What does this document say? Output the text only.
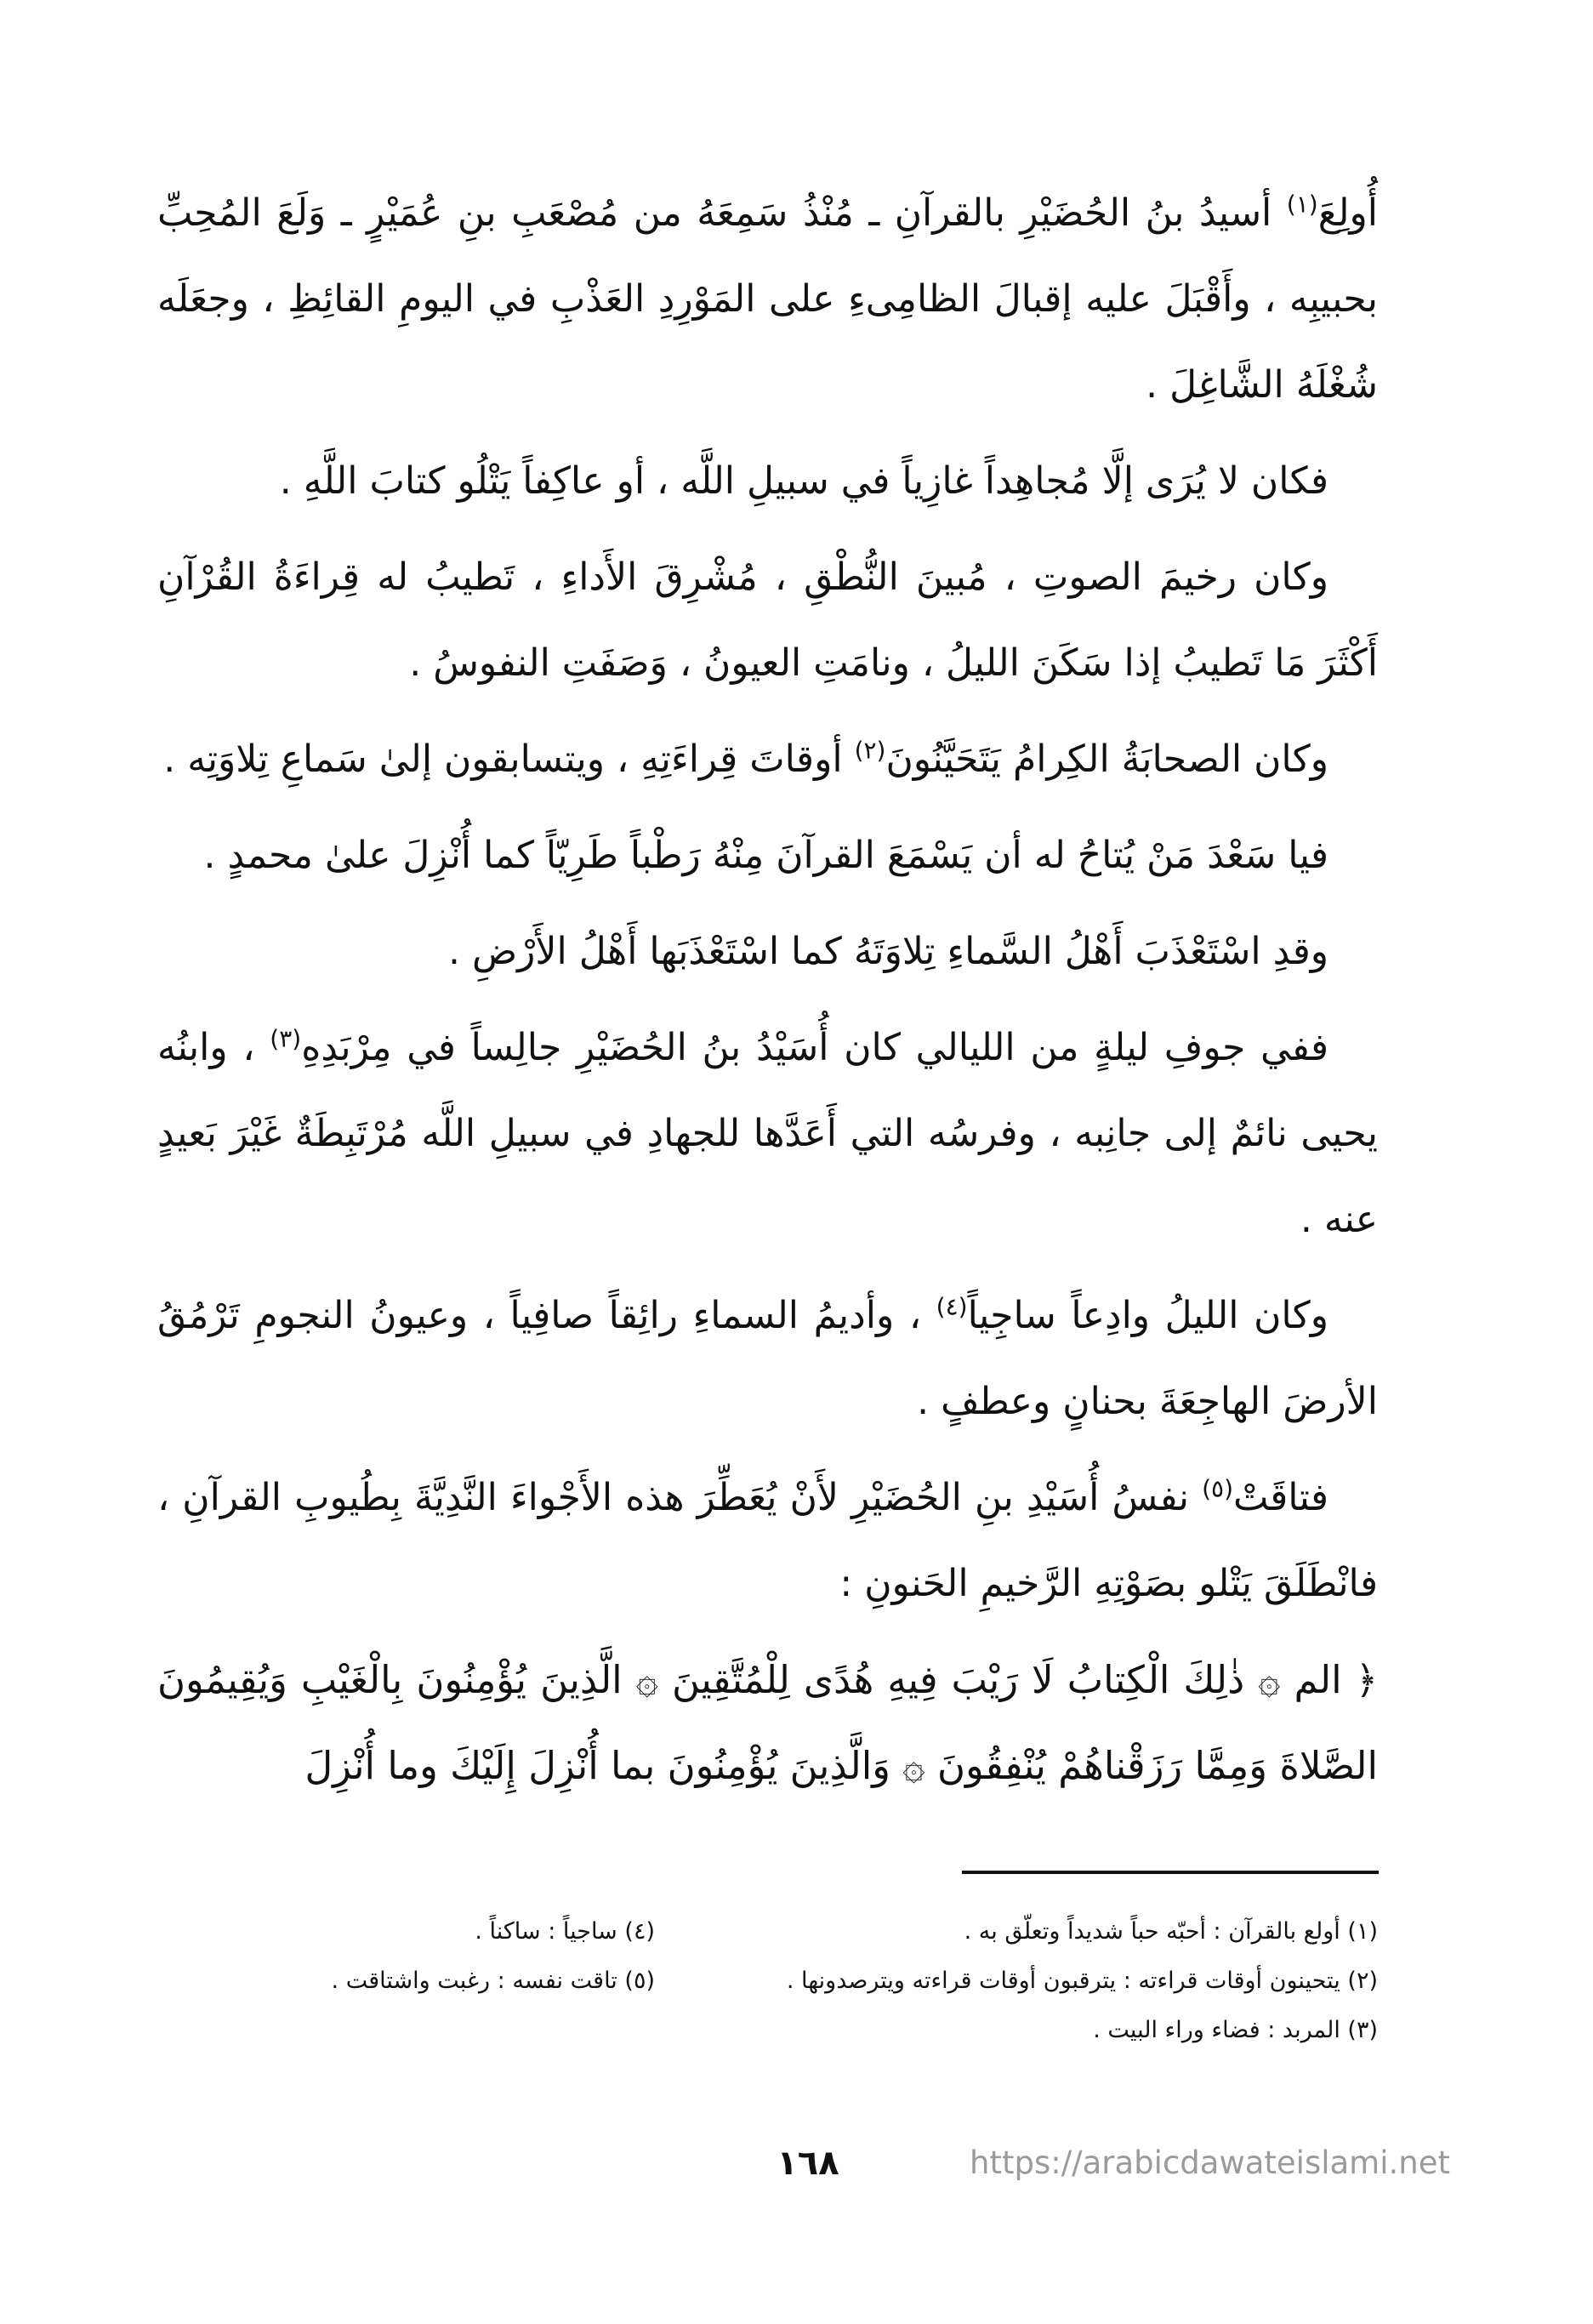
أُولِعَ$^{(١)}$ أسيدُ بنُ الحُضَيْرِ بالقرآنِ ـ مُنْذُ سَمِعَهُ من مُصْعَبِ بنِ عُمَيْرٍ ـ وَلَعَ المُحِبِّ بحبيبِه ، وأَقْبَلَ عليه إقبالَ الظامِىءِ على المَوْرِدِ العَذْبِ في اليومِ القائِظِ ، وجعَلَه شُغْلَهُ الشَّاغِلَ .

فكان لا يُرَى إلَّا مُجاهِداً غازِياً في سبيلِ اللَّه ، أو عاكِفاً يَتْلُو كتابَ اللَّهِ .

وكان رخيمَ الصوتِ ، مُبينَ النُّطْقِ ، مُشْرِقَ الأَداءِ ، تَطيبُ له قِراءَةُ القُرْآنِ أَكْثَرَ مَا تَطيبُ إذا سَكَنَ الليلُ ، ونامَتِ العيونُ ، وَصَفَتِ النفوسُ .

وكان الصحابَةُ الكِرامُ يَتَحَيَّنُونَ$^{(٢)}$ أوقاتَ قِراءَتِهِ ، ويتسابقون إلىٰ سَماعِ تِلاوَتِه .

فيا سَعْدَ مَنْ يُتاحُ له أن يَسْمَعَ القرآنَ مِنْهُ رَطْباً طَرِيّاً كما أُنْزِلَ علىٰ محمدٍ .

وقدِ اسْتَعْذَبَ أَهْلُ السَّماءِ تِلاوَتَهُ كما اسْتَعْذَبَها أَهْلُ الأَرْضِ .

ففي جوفِ ليلةٍ من الليالي كان أُسَيْدُ بنُ الحُضَيْرِ جالِساً في مِرْبَدِهِ$^{(٣)}$ ، وابنُه يحيى نائمٌ إلى جانِبه ، وفرسُه التي أَعَدَّها للجهادِ في سبيلِ اللَّه مُرْتَبِطَةٌ غَيْرَ بَعيدٍ عنه .

وكان الليلُ وادِعاً ساجِياً$^{(٤)}$ ، وأديمُ السماءِ رائِقاً صافِياً ، وعيونُ النجومِ تَرْمُقُ الأرضَ الهاجِعَةَ بحنانٍ وعطفٍ .

فتاقَتْ$^{(٥)}$ نفسُ أُسَيْدِ بنِ الحُضَيْرِ لأَنْ يُعَطِّرَ هذه الأَجْواءَ النَّدِيَّةَ بِطُيوبِ القرآنِ ، فانْطَلَقَ يَتْلو بصَوْتِهِ الرَّخيمِ الحَنونِ :

﴿ الم ۞ ذٰلِكَ الْكِتابُ لَا رَيْبَ فِيهِ هُدًى لِلْمُتَّقِينَ ۞ الَّذِينَ يُؤْمِنُونَ بِالْغَيْبِ وَيُقِيمُونَ الصَّلاةَ وَمِمَّا رَزَقْناهُمْ يُنْفِقُونَ ۞ وَالَّذِينَ يُؤْمِنُونَ بما أُنْزِلَ إِلَيْكَ وما أُنْزِلَ

(١) أولع بالقرآن : أحبّه حباً شديداً وتعلّق به .
(٤) ساجياً : ساكناً .
(٢) يتحينون أوقات قراءته : يترقبون أوقات قراءته ويترصدونها .
(٥) تاقت نفسه : رغبت واشتاقت .
(٣) المربد : فضاء وراء البيت .
١٦٨	https://arabicdawateislami.net
